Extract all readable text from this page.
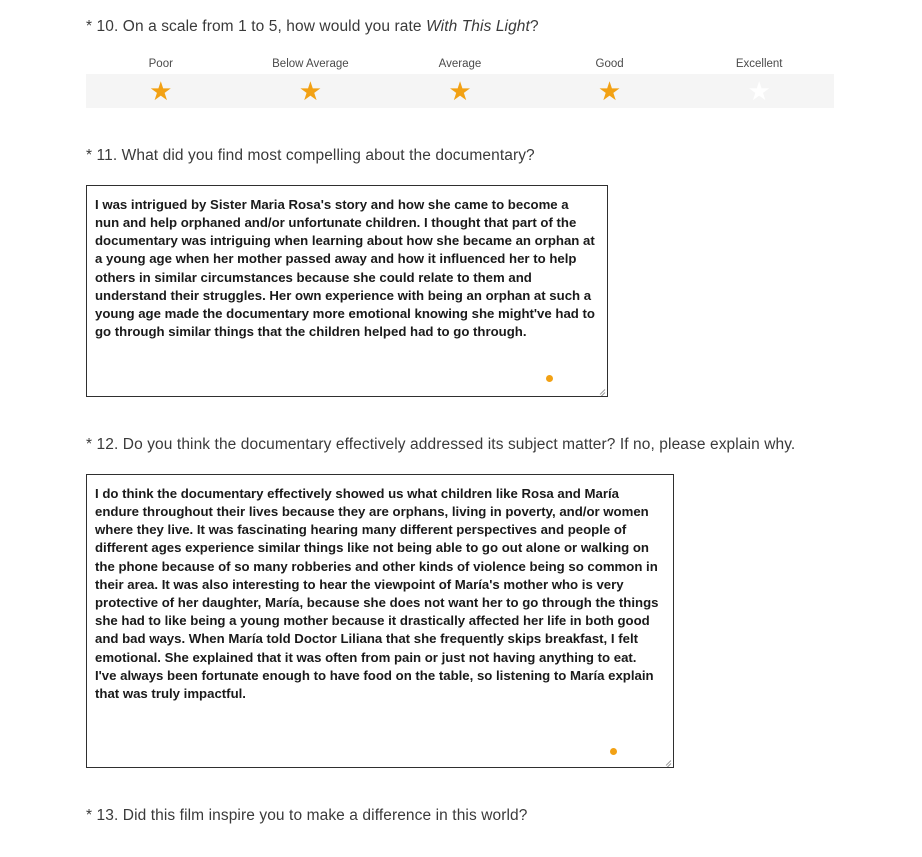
* 10. On a scale from 1 to 5, how would you rate With This Light?
Poor	Below Average	Average	Good	Excellent
★	★	★	★	★
* 11. What did you find most compelling about the documentary?
I was intrigued by Sister Maria Rosa's story and how she came to become a nun and help orphaned and/or unfortunate children. I thought that part of the documentary was intriguing when learning about how she became an orphan at a young age when her mother passed away and how it influenced her to help others in similar circumstances because she could relate to them and understand their struggles. Her own experience with being an orphan at such a young age made the documentary more emotional knowing she might've had to go through similar things that the children helped had to go through.
* 12. Do you think the documentary effectively addressed its subject matter? If no, please explain why.
I do think the documentary effectively showed us what children like Rosa and María endure throughout their lives because they are orphans, living in poverty, and/or women where they live. It was fascinating hearing many different perspectives and people of different ages experience similar things like not being able to go out alone or walking on the phone because of so many robberies and other kinds of violence being so common in their area. It was also interesting to hear the viewpoint of María's mother who is very protective of her daughter, María, because she does not want her to go through the things she had to like being a young mother because it drastically affected her life in both good and bad ways. When María told Doctor Liliana that she frequently skips breakfast, I felt emotional. She explained that it was often from pain or just not having anything to eat. I've always been fortunate enough to have food on the table, so listening to María explain that was truly impactful.
* 13. Did this film inspire you to make a difference in this world?
